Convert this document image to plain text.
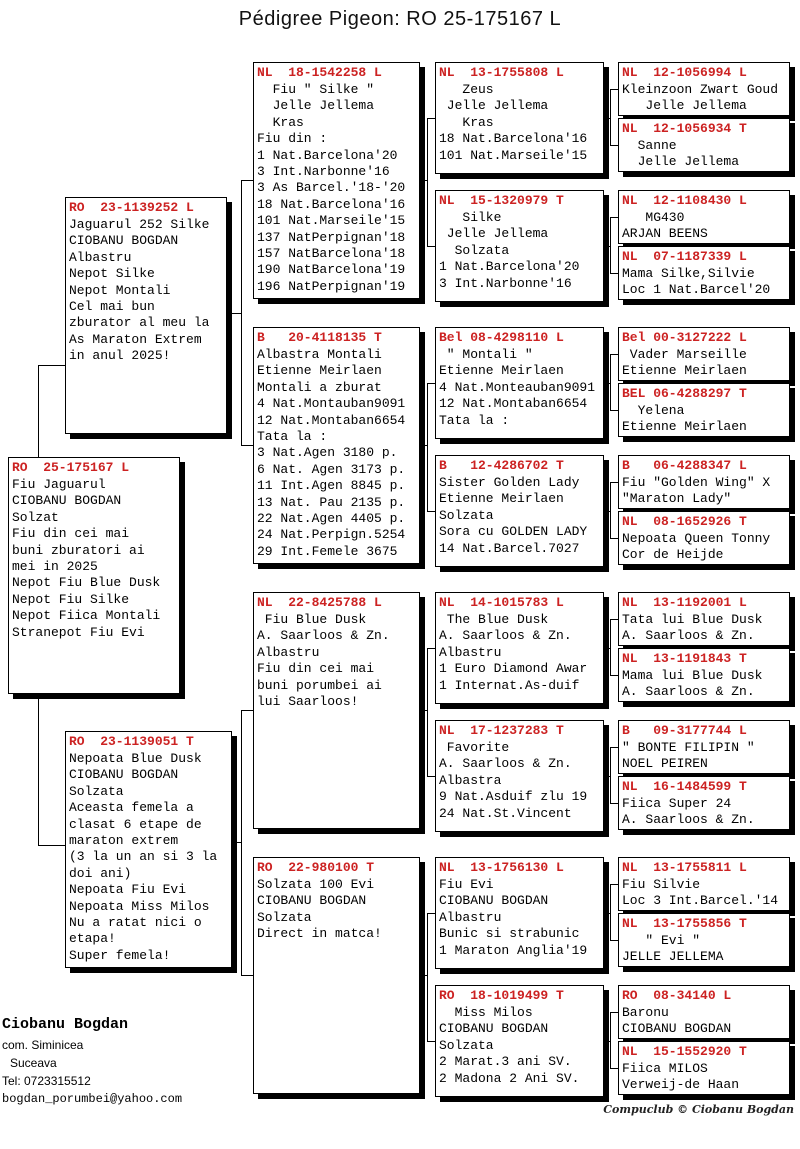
Pédigree Pigeon: RO 25-175167 L
RO  23-1139252 L
Jaguarul 252 Silke
CIOBANU BOGDAN
Albastru
Nepot Silke
Nepot Montali
Cel mai bun
zburator al meu la
As Maraton Extrem
in anul 2025!
RO  25-175167 L
Fiu Jaguarul
CIOBANU BOGDAN
Solzat
Fiu din cei mai
buni zburatori ai
mei in 2025
Nepot Fiu Blue Dusk
Nepot Fiu Silke
Nepot Fiica Montali
Stranepot Fiu Evi
RO  23-1139051 T
Nepoata Blue Dusk
CIOBANU BOGDAN
Solzata
Aceasta femela a
clasat 6 etape de
maraton extrem
(3 la un an si 3 la
doi ani)
Nepoata Fiu Evi
Nepoata Miss Milos
Nu a ratat nici o
etapa!
Super femela!
NL  18-1542258 L
Fiu " Silke "
Jelle Jellema
Kras
Fiu din :
1 Nat.Barcelona'20
3 Int.Narbonne'16
3 As Barcel.'18-'20
18 Nat.Barcelona'16
101 Nat.Marseile'15
137 NatPerpignan'18
157 NatBarcelona'18
190 NatBarcelona'19
196 NatPerpignan'19
B   20-4118135 T
Albastra Montali
Etienne Meirlaen
Montali a zburat
4 Nat.Montauban9091
12 Nat.Montaban6654
Tata la :
3 Nat.Agen 3180 p.
6 Nat. Agen 3173 p.
11 Int.Agen 8845 p.
13 Nat. Pau 2135 p.
22 Nat.Agen 4405 p.
24 Nat.Perpign.5254
29 Int.Femele 3675
NL  22-8425788 L
Fiu Blue Dusk
A. Saarloos & Zn.
Albastru
Fiu din cei mai
buni porumbei ai
lui Saarloos!
RO  22-980100 T
Solzata 100 Evi
CIOBANU BOGDAN
Solzata
Direct in matca!
NL  13-1755808 L
Zeus
Jelle Jellema
Kras
18 Nat.Barcelona'16
101 Nat.Marseile'15
NL  15-1320979 T
Silke
Jelle Jellema
Solzata
1 Nat.Barcelona'20
3 Int.Narbonne'16
Bel 08-4298110 L
" Montali "
Etienne Meirlaen
4 Nat.Monteauban9091
12 Nat.Montaban6654
Tata la :
B   12-4286702 T
Sister Golden Lady
Etienne Meirlaen
Solzata
Sora cu GOLDEN LADY
14 Nat.Barcel.7027
NL  14-1015783 L
The Blue Dusk
A. Saarloos & Zn.
Albastru
1 Euro Diamond Awar
1 Internat.As-duif
NL  17-1237283 T
Favorite
A. Saarloos & Zn.
Albastra
9 Nat.Asduif zlu 19
24 Nat.St.Vincent
NL  13-1756130 L
Fiu Evi
CIOBANU BOGDAN
Albastru
Bunic si strabunic
1 Maraton Anglia'19
RO  18-1019499 T
Miss Milos
CIOBANU BOGDAN
Solzata
2 Marat.3 ani SV.
2 Madona 2 Ani SV.
NL  12-1056994 L
Kleinzoon Zwart Goud
Jelle Jellema
NL  12-1056934 T
Sanne
Jelle Jellema
NL  12-1108430 L
MG430
ARJAN BEENS
NL  07-1187339 L
Mama Silke,Silvie
Loc 1 Nat.Barcel'20
Bel 00-3127222 L
Vader Marseille
Etienne Meirlaen
BEL 06-4288297 T
Yelena
Etienne Meirlaen
B   06-4288347 L
Fiu "Golden Wing" X
"Maraton Lady"
NL  08-1652926 T
Nepoata Queen Tonny
Cor de Heijde
NL  13-1192001 L
Tata lui Blue Dusk
A. Saarloos & Zn.
NL  13-1191843 T
Mama lui Blue Dusk
A. Saarloos & Zn.
B   09-3177744 L
" BONTE FILIPIN "
NOEL PEIREN
NL  16-1484599 T
Fiica Super 24
A. Saarloos & Zn.
NL  13-1755811 L
Fiu Silvie
Loc 3 Int.Barcel.'14
NL  13-1755856 T
" Evi "
JELLE JELLEMA
RO  08-34140 L
Baronu
CIOBANU BOGDAN
NL  15-1552920 T
Fiica MILOS
Verweij-de Haan
Ciobanu Bogdan
com. Siminicea
Suceava
Tel: 0723315512
bogdan_porumbei@yahoo.com
Compuclub © Ciobanu Bogdan
